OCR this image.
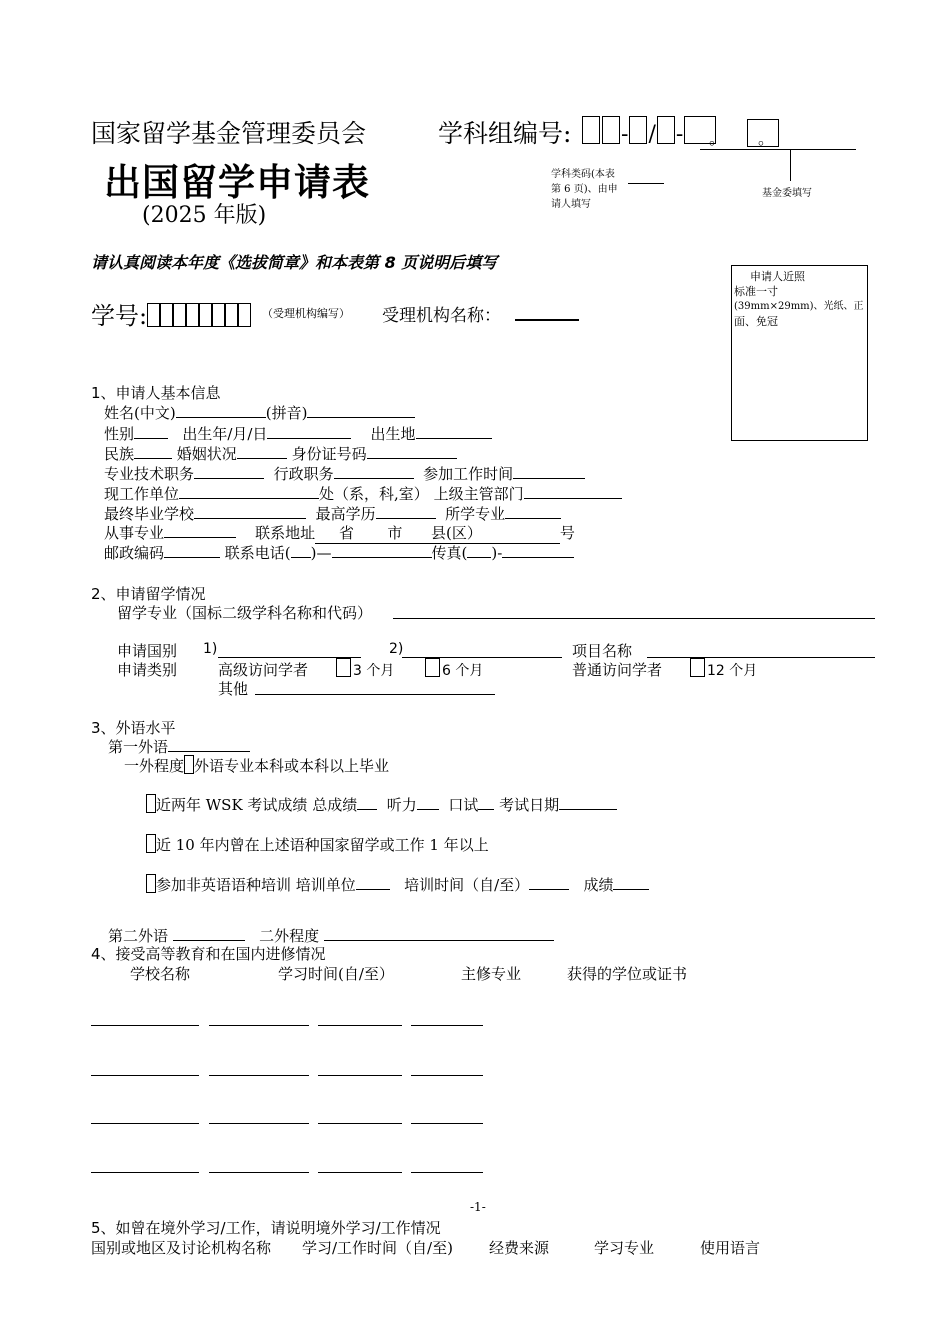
国家留学基金管理委员会	学科组编号:	- / -	。 。
出国留学申请表
(2025 年版)
学科类码(本表
第 6 页)、由申
请人填写
基金委填写
请认真阅读本年度《选拔简章》和本表第 8 页说明后填写
学号:	（受理机构编写） 受理机构名称：
申请人近照
标准一寸
(39mm×29mm)、光纸、正
面、免冠
1、申请人基本信息
姓名(中文)	(拼音)
性别	出生年/月/日	出生地
民族	婚姻状况	身份证号码
专业技术职务	行政职务	参加工作时间
现工作单位	处（系，科,室） 上级主管部门
最终毕业学校	最高学历	所学专业
从事专业	联系地址 省 市 县(区）	号
邮政编码	联系电话( )—	传真( )-
2、申请留学情况
留学专业（国标二级学科名称和代码）
申请国别 1)	2)	项目名称
申请类别	高级访问学者	3 个月	6 个月	普通访问学者	12 个月
其他
3、外语水平
第一外语
一外程度 外语专业本科或本科以上毕业
近两年 WSK 考试成绩 总成绩 听力 口试 考试日期
近 10 年内曾在上述语种国家留学或工作 1 年以上
参加非英语语种培训 培训单位	培训时间（自/至）	成绩
第二外语	二外程度
4、接受高等教育和在国内进修情况
学校名称	学习时间(自/至）	主修专业	获得的学位或证书
-1-
5、如曾在境外学习/工作，请说明境外学习/工作情况
国别或地区及讨论机构名称 学习/工作时间（自/至) 经费来源	学习专业	使用语言
